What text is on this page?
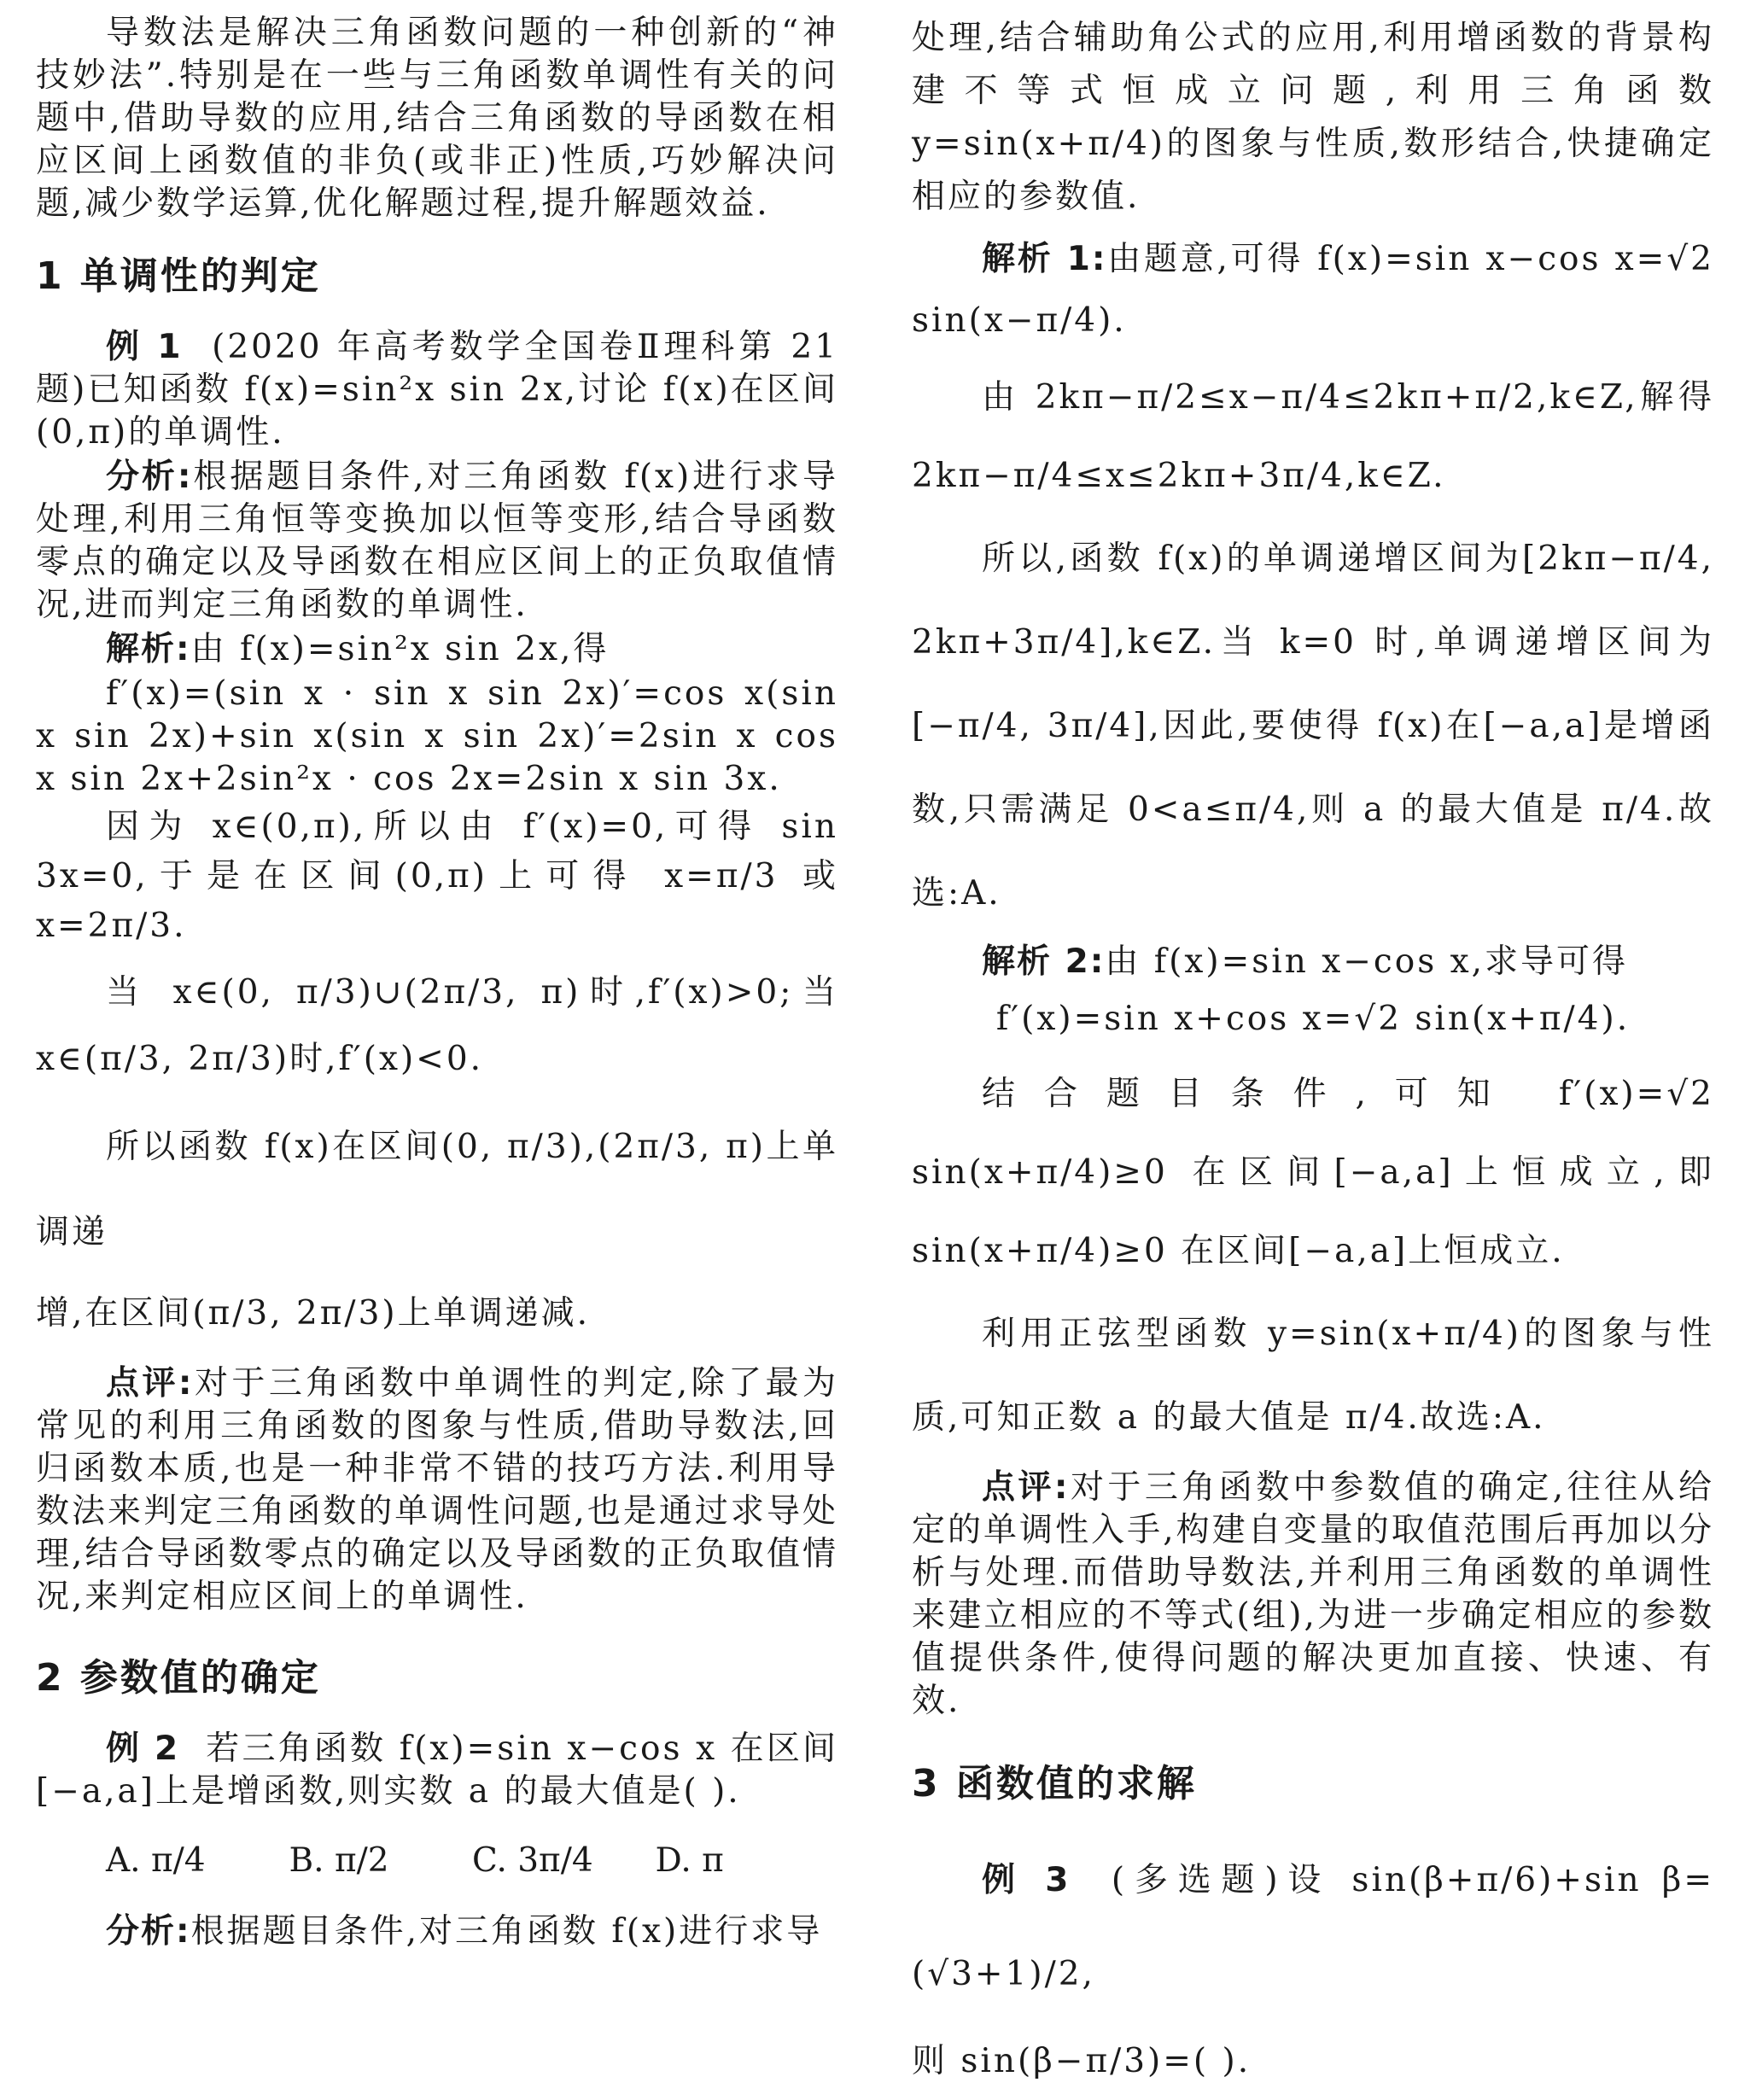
导数法是解决三角函数问题的一种创新的“神技妙法”.特别是在一些与三角函数单调性有关的问题中,借助导数的应用,结合三角函数的导函数在相应区间上函数值的非负(或非正)性质,巧妙解决问题,减少数学运算,优化解题过程,提升解题效益.

1 单调性的判定

例 1 (2020 年高考数学全国卷Ⅱ理科第 21 题)已知函数 f(x)=sin²x sin 2x,讨论 f(x)在区间(0,π)的单调性.

分析:根据题目条件,对三角函数 f(x)进行求导处理,利用三角恒等变换加以恒等变形,结合导函数零点的确定以及导函数在相应区间上的正负取值情况,进而判定三角函数的单调性.

解析:由 f(x)=sin²x sin 2x,得

f′(x)=(sin x · sin x sin 2x)′=cos x(sin x sin 2x)+sin x(sin x sin 2x)′=2sin x cos x sin 2x+2sin²x · cos 2x=2sin x sin 3x.

因为 x∈(0,π),所以由 f′(x)=0,可得 sin 3x=0,于是在区间(0,π)上可得 x=π/3 或 x=2π/3.

当 x∈(0, π/3)∪(2π/3, π)时,f′(x)>0;当 x∈(π/3, 2π/3)时,f′(x)<0.

所以函数 f(x)在区间(0, π/3),(2π/3, π)上单调递

增,在区间(π/3, 2π/3)上单调递减.

点评:对于三角函数中单调性的判定,除了最为常见的利用三角函数的图象与性质,借助导数法,回归函数本质,也是一种非常不错的技巧方法.利用导数法来判定三角函数的单调性问题,也是通过求导处理,结合导函数零点的确定以及导函数的正负取值情况,来判定相应区间上的单调性.

2 参数值的确定

例 2 若三角函数 f(x)=sin x−cos x 在区间[−a,a]上是增函数,则实数 a 的最大值是( ).

A. π/4	B. π/2	C. 3π/4	D. π

分析:根据题目条件,对三角函数 f(x)进行求导

处理,结合辅助角公式的应用,利用增函数的背景构建不等式恒成立问题,利用三角函数 y=sin(x+π/4)的图象与性质,数形结合,快捷确定相应的参数值.

解析 1:由题意,可得 f(x)=sin x−cos x=√2 sin(x−π/4).

由 2kπ−π/2≤x−π/4≤2kπ+π/2,k∈Z,解得 2kπ−π/4≤x≤2kπ+3π/4,k∈Z.

所以,函数 f(x)的单调递增区间为[2kπ−π/4, 2kπ+3π/4],k∈Z.当 k=0 时,单调递增区间为[−π/4, 3π/4],因此,要使得 f(x)在[−a,a]是增函数,只需满足 0<a≤π/4,则 a 的最大值是 π/4.故选:A.

解析 2:由 f(x)=sin x−cos x,求导可得

f′(x)=sin x+cos x=√2 sin(x+π/4).

结合题目条件,可知 f′(x)=√2 sin(x+π/4)≥0 在区间[−a,a]上恒成立,即 sin(x+π/4)≥0 在区间[−a,a]上恒成立.

利用正弦型函数 y=sin(x+π/4)的图象与性质,可知正数 a 的最大值是 π/4.故选:A.

点评:对于三角函数中参数值的确定,往往从给定的单调性入手,构建自变量的取值范围后再加以分析与处理.而借助导数法,并利用三角函数的单调性来建立相应的不等式(组),为进一步确定相应的参数值提供条件,使得问题的解决更加直接、快速、有效.

3 函数值的求解

例 3 (多选题)设 sin(β+π/6)+sin β=(√3+1)/2,

则 sin(β−π/3)=( ).
